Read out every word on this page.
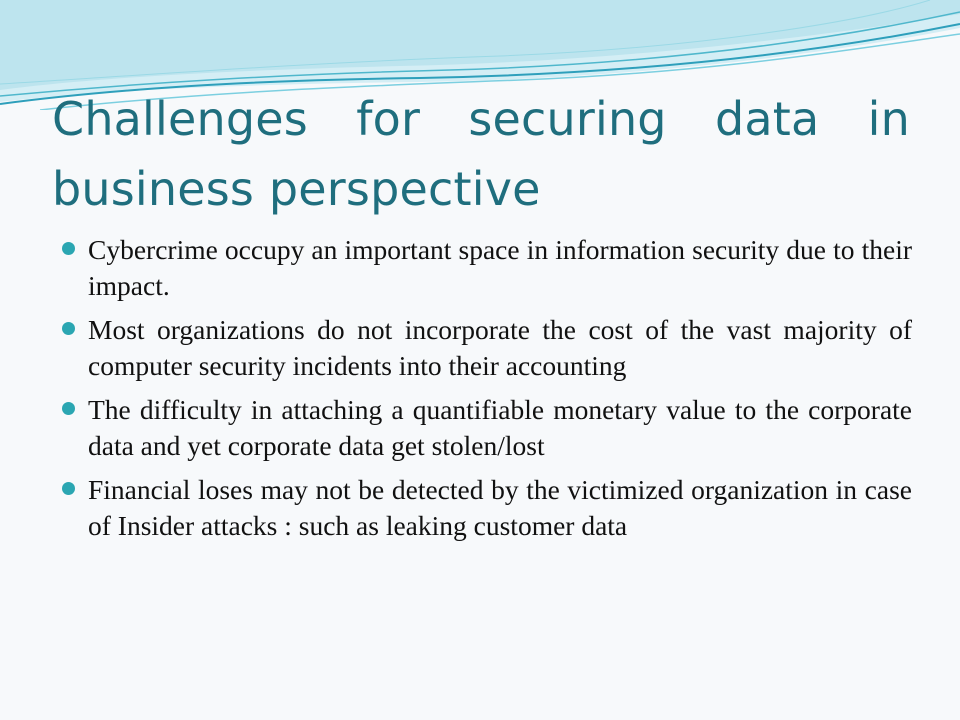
Challenges for securing data in business perspective
Cybercrime occupy an important space in information security due to their impact.
Most organizations do not incorporate the cost of the vast majority of computer security incidents into their accounting
The difficulty in attaching a quantifiable monetary value to the corporate data and yet corporate data get stolen/lost
Financial loses may not be detected by the victimized organization in case of Insider attacks : such as leaking customer data
